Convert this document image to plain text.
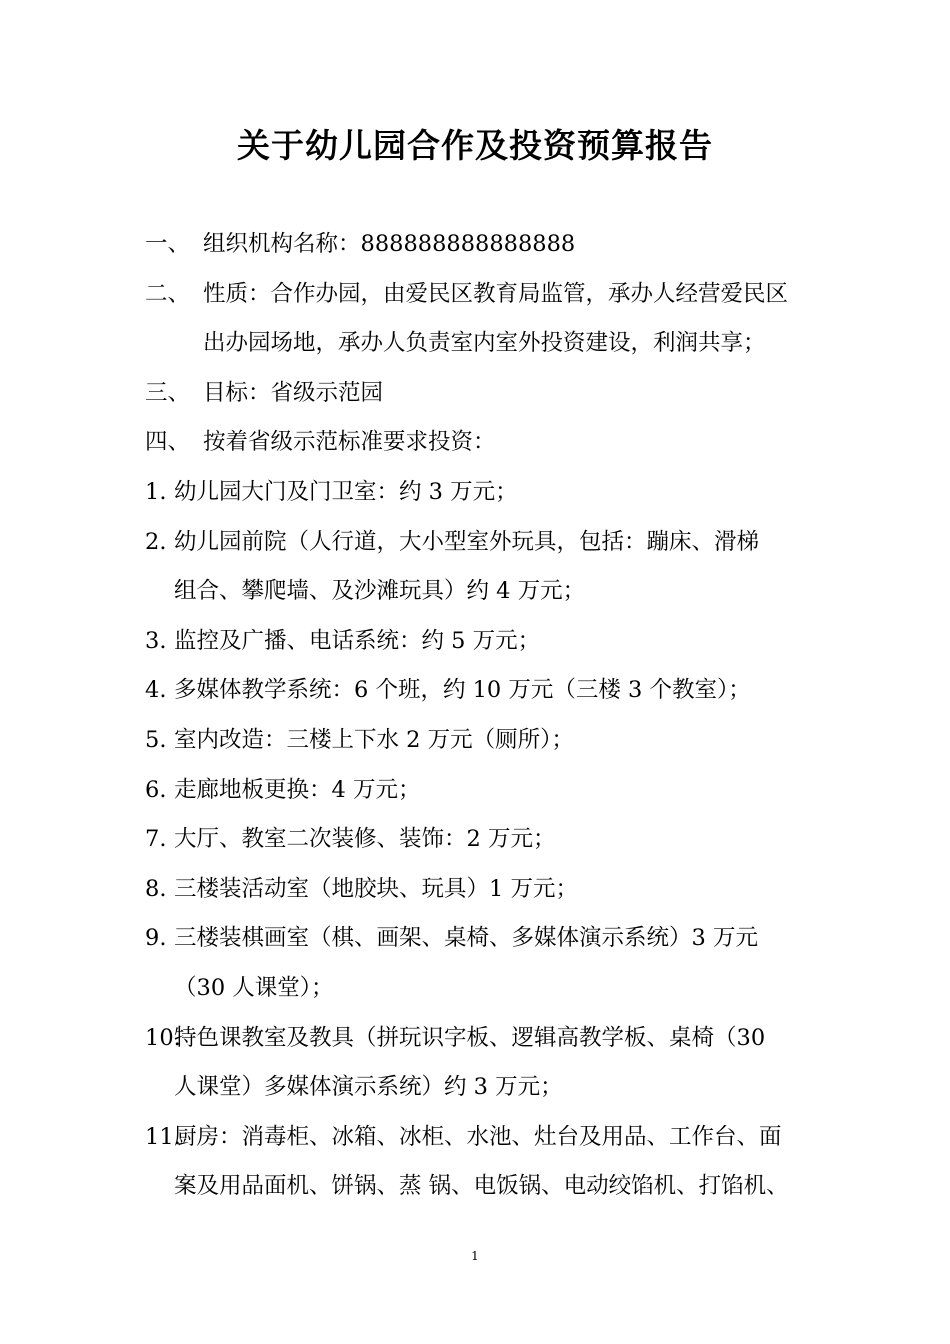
关于幼儿园合作及投资预算报告
一、 组织机构名称：888888888888888
二、 性质：合作办园，由爱民区教育局监管，承办人经营爱民区
出办园场地，承办人负责室内室外投资建设，利润共享；
三、 目标：省级示范园
四、 按着省级示范标准要求投资：
1. 幼儿园大门及门卫室：约 3 万元；
2. 幼儿园前院（人行道，大小型室外玩具，包括：蹦床、滑梯
组合、攀爬墙、及沙滩玩具）约 4 万元；
3. 监控及广播、电话系统：约 5 万元；
4. 多媒体教学系统：6 个班，约 10 万元（三楼 3 个教室）；
5. 室内改造：三楼上下水 2 万元（厕所）；
6. 走廊地板更换：4 万元；
7. 大厅、教室二次装修、装饰：2 万元；
8. 三楼装活动室（地胶块、玩具）1 万元；
9. 三楼装棋画室（棋、画架、桌椅、多媒体演示系统）3 万元
（30 人课堂）；
10.特色课教室及教具（拼玩识字板、逻辑高教学板、桌椅（30
人课堂）多媒体演示系统）约 3 万元；
11.厨房：消毒柜、冰箱、冰柜、水池、灶台及用品、工作台、面
案及用品面机、饼锅、蒸 锅、电饭锅、电动绞馅机、打馅机、
1
